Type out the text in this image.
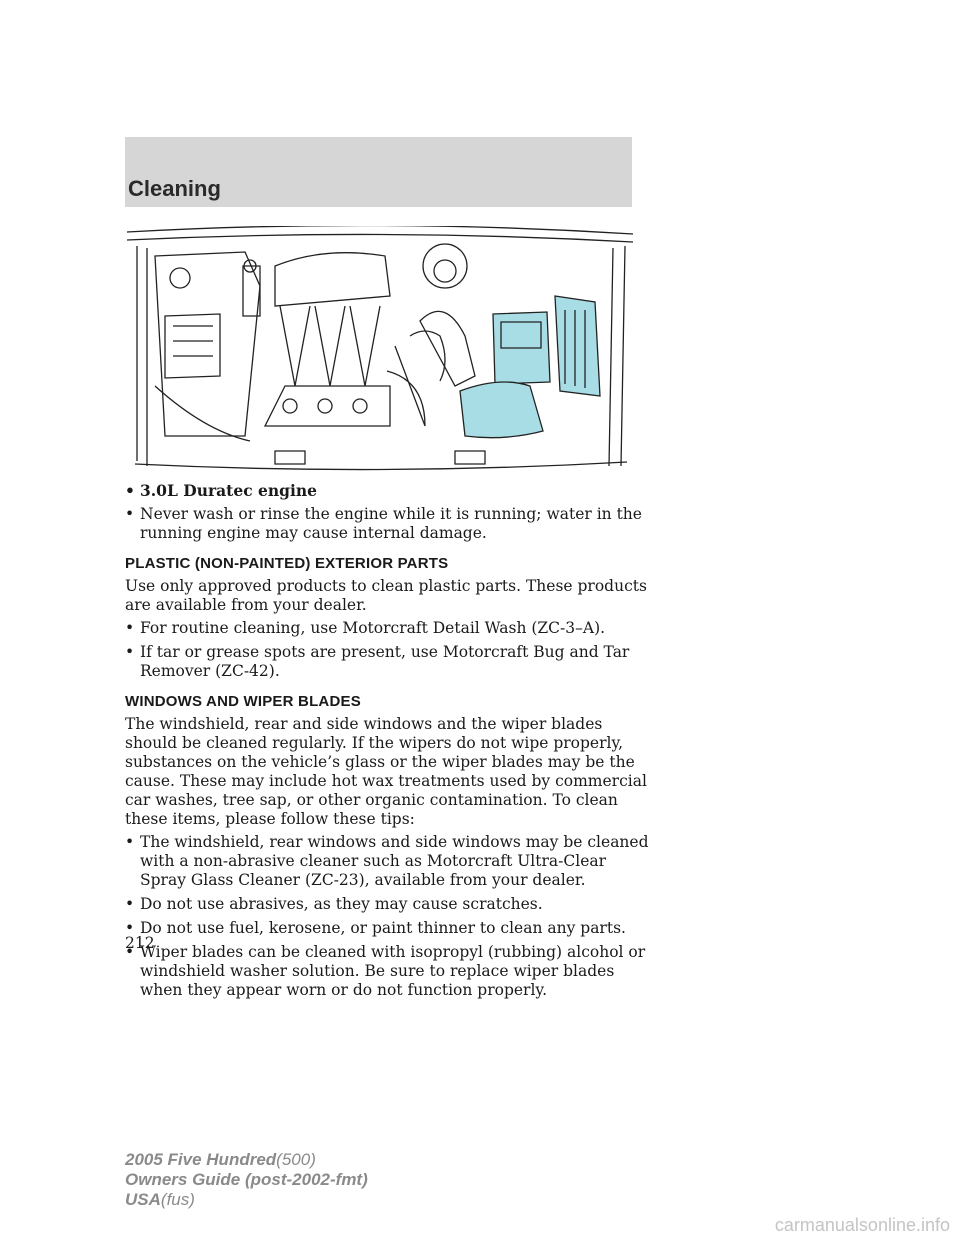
Cleaning
• 3.0L Duratec engine
• Never wash or rinse the engine while it is running; water in the running engine may cause internal damage.
PLASTIC (NON-PAINTED) EXTERIOR PARTS
Use only approved products to clean plastic parts. These products are available from your dealer.
• For routine cleaning, use Motorcraft Detail Wash (ZC-3–A).
• If tar or grease spots are present, use Motorcraft Bug and Tar Remover (ZC-42).
WINDOWS AND WIPER BLADES
The windshield, rear and side windows and the wiper blades should be cleaned regularly. If the wipers do not wipe properly, substances on the vehicle’s glass or the wiper blades may be the cause. These may include hot wax treatments used by commercial car washes, tree sap, or other organic contamination. To clean these items, please follow these tips:
• The windshield, rear windows and side windows may be cleaned with a non-abrasive cleaner such as Motorcraft Ultra-Clear Spray Glass Cleaner (ZC-23), available from your dealer.
• Do not use abrasives, as they may cause scratches.
• Do not use fuel, kerosene, or paint thinner to clean any parts.
• Wiper blades can be cleaned with isopropyl (rubbing) alcohol or windshield washer solution. Be sure to replace wiper blades when they appear worn or do not function properly.
212
2005 Five Hundred(500)
Owners Guide (post-2002-fmt)
USA(fus)
carmanualsonline.info
